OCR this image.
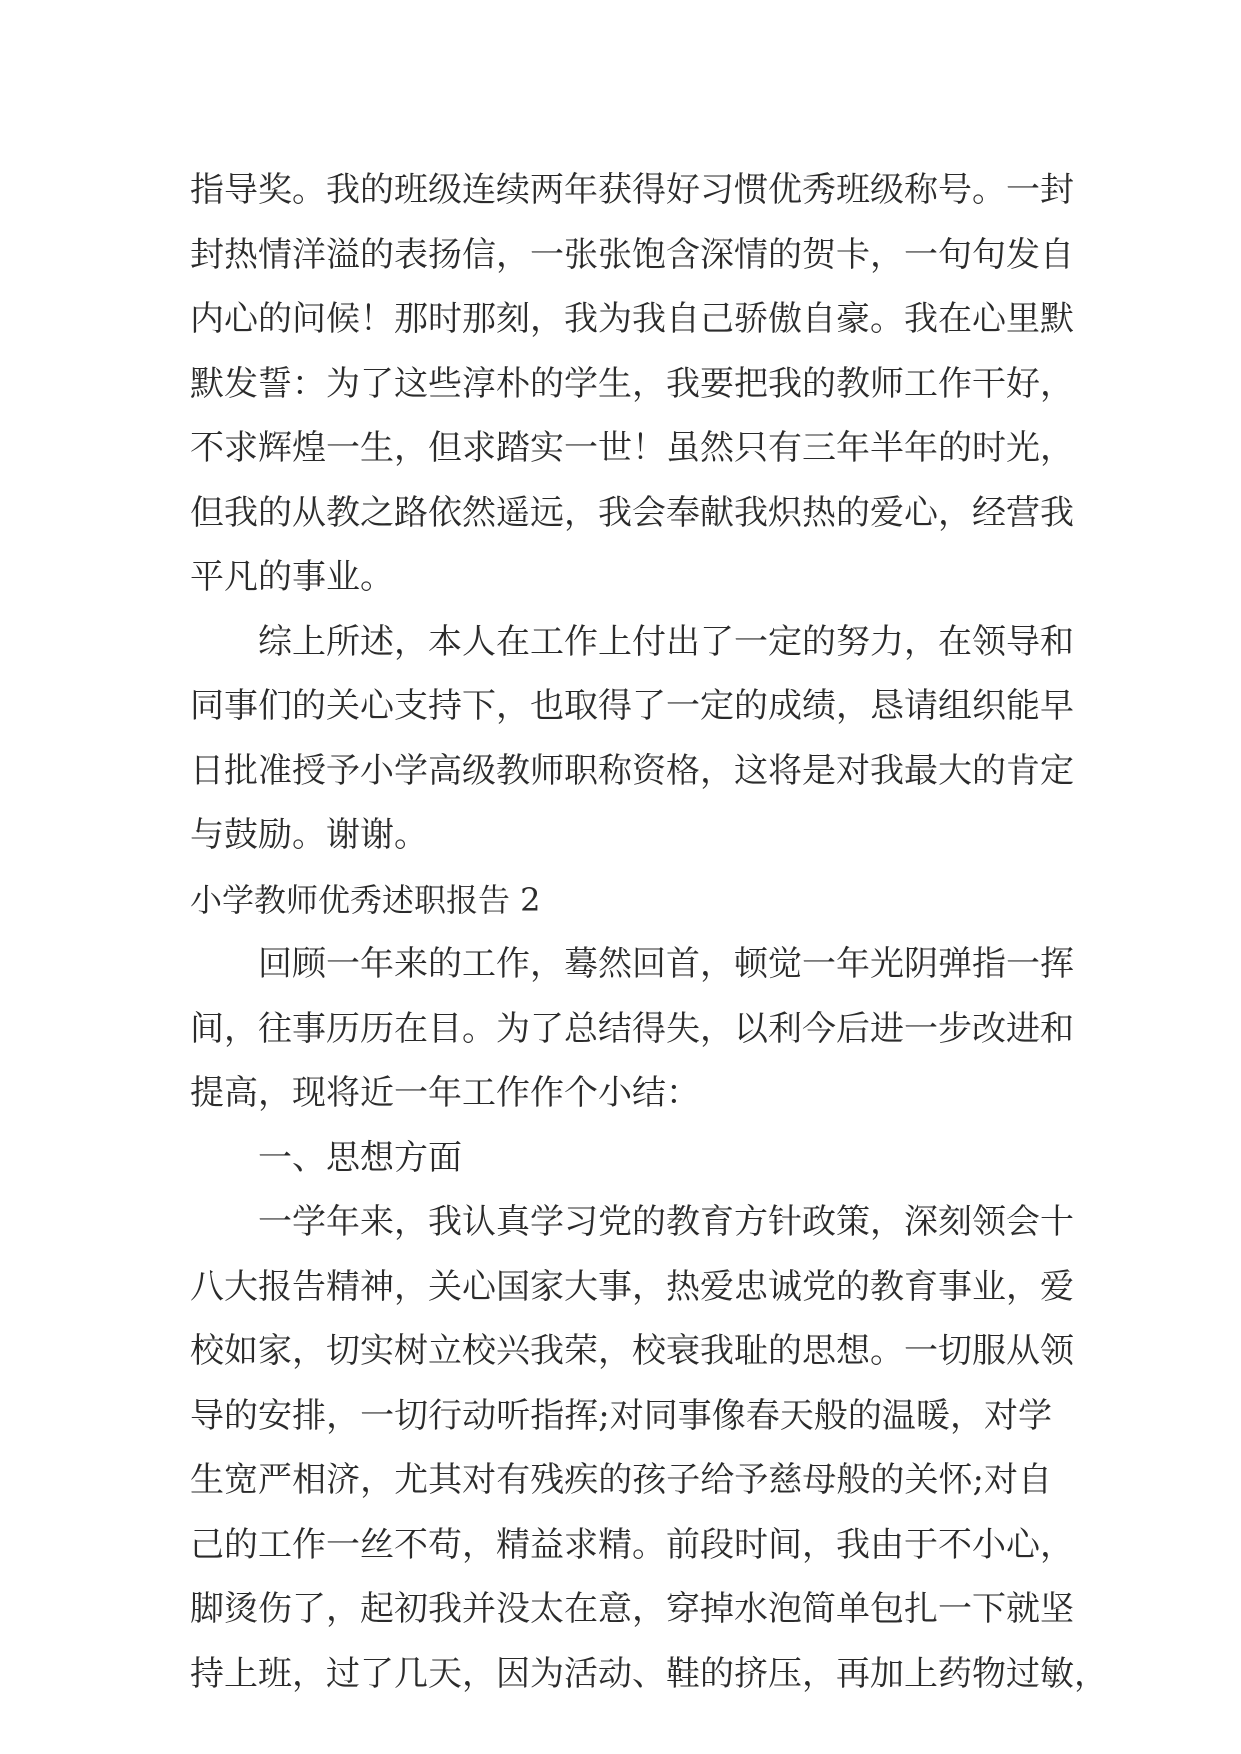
指导奖。我的班级连续两年获得好习惯优秀班级称号。一封
封热情洋溢的表扬信，一张张饱含深情的贺卡，一句句发自
内心的问候！那时那刻，我为我自己骄傲自豪。我在心里默
默发誓：为了这些淳朴的学生，我要把我的教师工作干好，
不求辉煌一生，但求踏实一世！虽然只有三年半年的时光，
但我的从教之路依然遥远，我会奉献我炽热的爱心，经营我
平凡的事业。
综上所述，本人在工作上付出了一定的努力，在领导和
同事们的关心支持下，也取得了一定的成绩，恳请组织能早
日批准授予小学高级教师职称资格，这将是对我最大的肯定
与鼓励。谢谢。
小学教师优秀述职报告 2
回顾一年来的工作，蓦然回首，顿觉一年光阴弹指一挥
间，往事历历在目。为了总结得失，以利今后进一步改进和
提高，现将近一年工作作个小结：
一、思想方面
一学年来，我认真学习党的教育方针政策，深刻领会十
八大报告精神，关心国家大事，热爱忠诚党的教育事业，爱
校如家，切实树立校兴我荣，校衰我耻的思想。一切服从领
导的安排，一切行动听指挥;对同事像春天般的温暖，对学
生宽严相济，尤其对有残疾的孩子给予慈母般的关怀;对自
己的工作一丝不苟，精益求精。前段时间，我由于不小心，
脚烫伤了，起初我并没太在意，穿掉水泡简单包扎一下就坚
持上班，过了几天，因为活动、鞋的挤压，再加上药物过敏，
